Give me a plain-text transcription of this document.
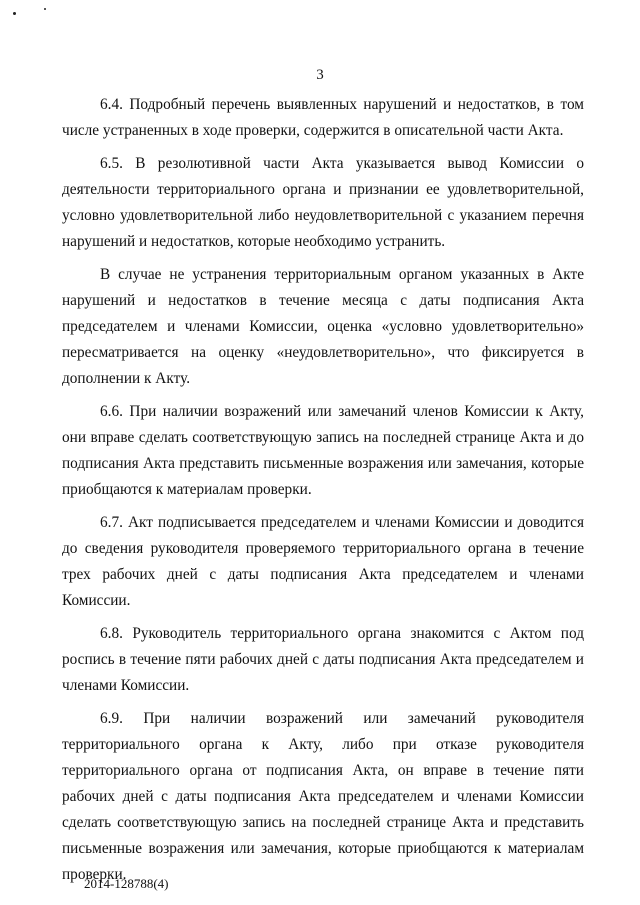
3

6.4. Подробный перечень выявленных нарушений и недостатков, в том числе устраненных в ходе проверки, содержится в описательной части Акта.

6.5. В резолютивной части Акта указывается вывод Комиссии о деятельности территориального органа и признании ее удовлетворительной, условно удовлетворительной либо неудовлетворительной с указанием перечня нарушений и недостатков, которые необходимо устранить.

В случае не устранения территориальным органом указанных в Акте нарушений и недостатков в течение месяца с даты подписания Акта председателем и членами Комиссии, оценка «условно удовлетворительно» пересматривается на оценку «неудовлетворительно», что фиксируется в дополнении к Акту.

6.6. При наличии возражений или замечаний членов Комиссии к Акту, они вправе сделать соответствующую запись на последней странице Акта и до подписания Акта представить письменные возражения или замечания, которые приобщаются к материалам проверки.

6.7. Акт подписывается председателем и членами Комиссии и доводится до сведения руководителя проверяемого территориального органа в течение трех рабочих дней с даты подписания Акта председателем и членами Комиссии.

6.8. Руководитель территориального органа знакомится с Актом под роспись в течение пяти рабочих дней с даты подписания Акта председателем и членами Комиссии.

6.9. При наличии возражений или замечаний руководителя территориального органа к Акту, либо при отказе руководителя территориального органа от подписания Акта, он вправе в течение пяти рабочих дней с даты подписания Акта председателем и членами Комиссии сделать соответствующую запись на последней странице Акта и представить письменные возражения или замечания, которые приобщаются к материалам проверки.

2014-128788(4)
